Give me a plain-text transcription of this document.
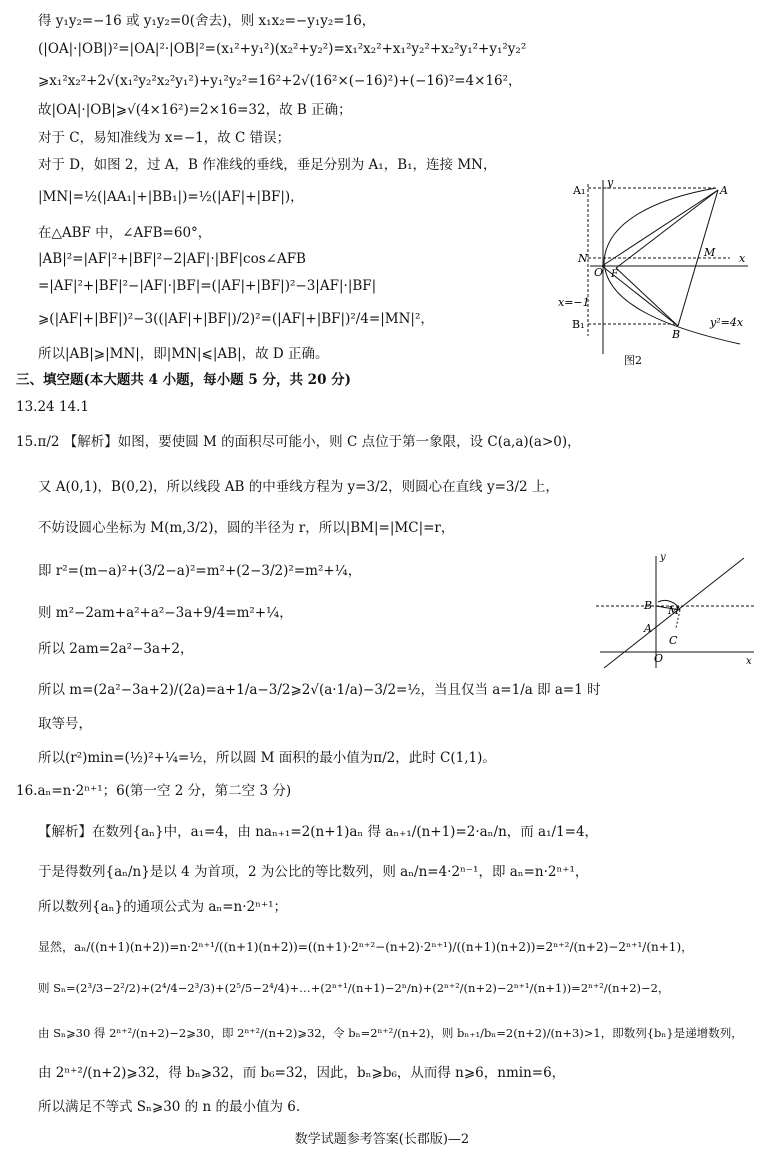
得 y₁y₂=−16 或 y₁y₂=0(舍去)，则 x₁x₂=−y₁y₂=16，
(|OA|·|OB|)²=|OA|²·|OB|²=(x₁²+y₁²)(x₂²+y₂²)=x₁²x₂²+x₁²y₂²+x₂²y₁²+y₁²y₂²
⩾x₁²x₂²+2√(x₁²y₂²x₂²y₁²)+y₁²y₂²=16²+2√(16²×(−16)²)+(−16)²=4×16²，
故|OA|·|OB|⩾√(4×16²)=2×16=32，故 B 正确；
对于 C，易知准线为 x=−1，故 C 错误；
对于 D，如图 2，过 A，B 作准线的垂线，垂足分别为 A₁，B₁，连接 MN，
|MN|=½(|AA₁|+|BB₁|)=½(|AF|+|BF|)，
在△ABF 中，∠AFB=60°，
|AB|²=|AF|²+|BF|²−2|AF|·|BF|cos∠AFB
=|AF|²+|BF|²−|AF|·|BF|=(|AF|+|BF|)²−3|AF|·|BF|
⩾(|AF|+|BF|)²−3((|AF|+|BF|)/2)²=(|AF|+|BF|)²/4=|MN|²，
所以|AB|⩾|MN|，即|MN|⩽|AB|，故 D 正确。
三、填空题(本大题共 4 小题，每小题 5 分，共 20 分)
13.24 14.1
15.π/2 【解析】如图，要使圆 M 的面积尽可能小，则 C 点位于第一象限，设 C(a,a)(a>0)，
又 A(0,1)，B(0,2)，所以线段 AB 的中垂线方程为 y=3/2，则圆心在直线 y=3/2 上，
不妨设圆心坐标为 M(m,3/2)，圆的半径为 r，所以|BM|=|MC|=r，
即 r²=(m−a)²+(3/2−a)²=m²+(2−3/2)²=m²+¼，
则 m²−2am+a²+a²−3a+9/4=m²+¼，
所以 2am=2a²−3a+2，
所以 m=(2a²−3a+2)/(2a)=a+1/a−3/2⩾2√(a·1/a)−3/2=½，当且仅当 a=1/a 即 a=1 时
取等号，
所以(r²)min=(½)²+¼=½，所以圆 M 面积的最小值为π/2，此时 C(1,1)。
16.aₙ=n·2ⁿ⁺¹；6(第一空 2 分，第二空 3 分)
【解析】在数列{aₙ}中，a₁=4，由 naₙ₊₁=2(n+1)aₙ 得 aₙ₊₁/(n+1)=2·aₙ/n，而 a₁/1=4，
于是得数列{aₙ/n}是以 4 为首项，2 为公比的等比数列，则 aₙ/n=4·2ⁿ⁻¹，即 aₙ=n·2ⁿ⁺¹，
所以数列{aₙ}的通项公式为 aₙ=n·2ⁿ⁺¹；
显然，aₙ/((n+1)(n+2))=n·2ⁿ⁺¹/((n+1)(n+2))=((n+1)·2ⁿ⁺²−(n+2)·2ⁿ⁺¹)/((n+1)(n+2))=2ⁿ⁺²/(n+2)−2ⁿ⁺¹/(n+1)，
则 Sₙ=(2³/3−2²/2)+(2⁴/4−2³/3)+(2⁵/5−2⁴/4)+…+(2ⁿ⁺¹/(n+1)−2ⁿ/n)+(2ⁿ⁺²/(n+2)−2ⁿ⁺¹/(n+1))=2ⁿ⁺²/(n+2)−2，
由 Sₙ⩾30 得 2ⁿ⁺²/(n+2)−2⩾30，即 2ⁿ⁺²/(n+2)⩾32，令 bₙ=2ⁿ⁺²/(n+2)，则 bₙ₊₁/bₙ=2(n+2)/(n+3)>1，即数列{bₙ}是递增数列，
由 2ⁿ⁺²/(n+2)⩾32，得 bₙ⩾32，而 b₆=32，因此，bₙ⩾b₆，从而得 n⩾6，nmin=6，
所以满足不等式 Sₙ⩾30 的 n 的最小值为 6.
A₁
y
A
N	M x
O F
x=−1
B₁
B
y²=4x
图2
y
B
A
M
C
O	x
数学试题参考答案(长郡版)—2
